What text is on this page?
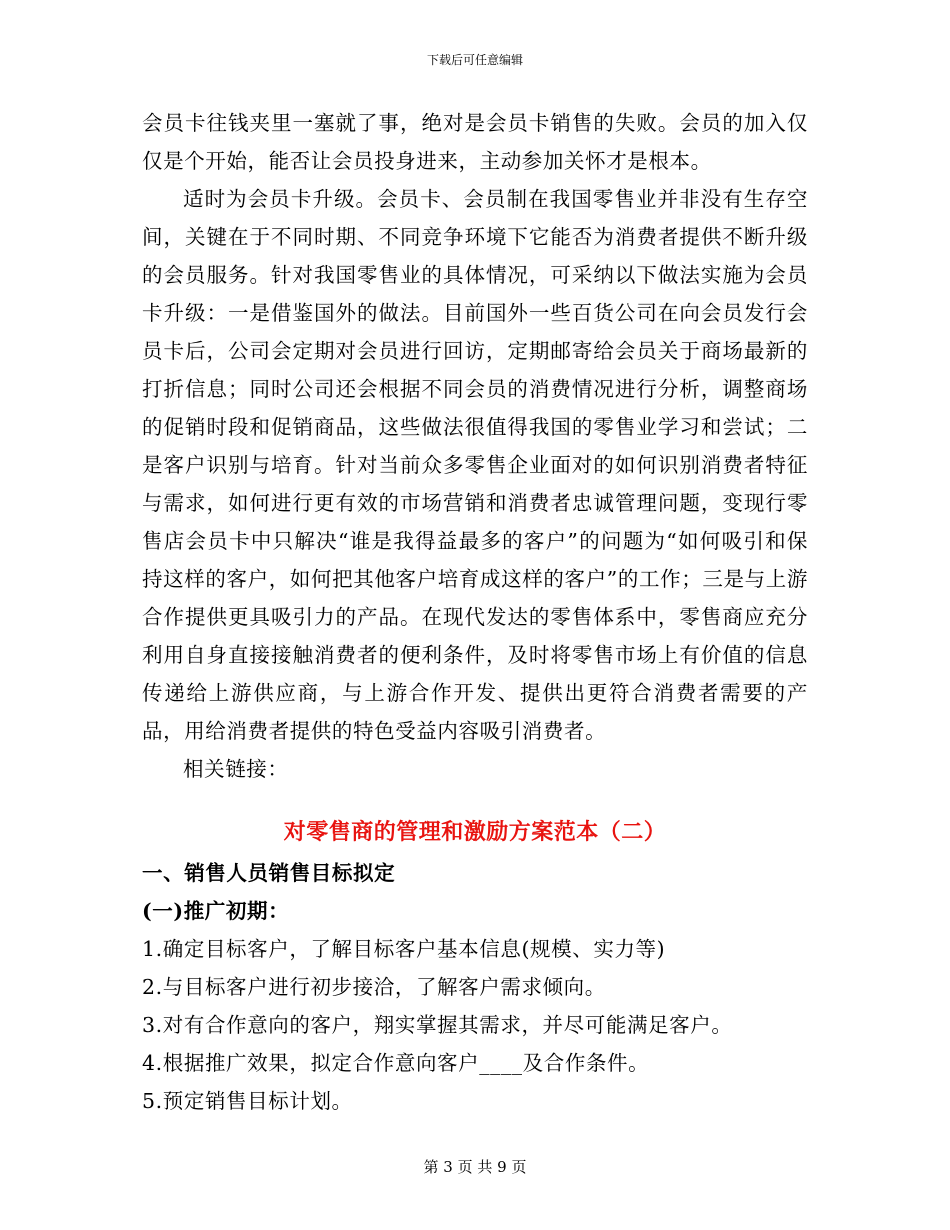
下载后可任意编辑

会员卡往钱夹里一塞就了事，绝对是会员卡销售的失败。会员的加入仅仅是个开始，能否让会员投身进来，主动参加关怀才是根本。

适时为会员卡升级。会员卡、会员制在我国零售业并非没有生存空间，关键在于不同时期、不同竞争环境下它能否为消费者提供不断升级的会员服务。针对我国零售业的具体情况，可采纳以下做法实施为会员卡升级：一是借鉴国外的做法。目前国外一些百货公司在向会员发行会员卡后，公司会定期对会员进行回访，定期邮寄给会员关于商场最新的打折信息；同时公司还会根据不同会员的消费情况进行分析，调整商场的促销时段和促销商品，这些做法很值得我国的零售业学习和尝试；二是客户识别与培育。针对当前众多零售企业面对的如何识别消费者特征与需求，如何进行更有效的市场营销和消费者忠诚管理问题，变现行零售店会员卡中只解决“谁是我得益最多的客户”的问题为“如何吸引和保持这样的客户，如何把其他客户培育成这样的客户”的工作；三是与上游合作提供更具吸引力的产品。在现代发达的零售体系中，零售商应充分利用自身直接接触消费者的便利条件，及时将零售市场上有价值的信息传递给上游供应商，与上游合作开发、提供出更符合消费者需要的产品，用给消费者提供的特色受益内容吸引消费者。

相关链接：

对零售商的管理和激励方案范本（二）

一、销售人员销售目标拟定

(一)推广初期：

1.确定目标客户，了解目标客户基本信息(规模、实力等)

2.与目标客户进行初步接洽，了解客户需求倾向。

3.对有合作意向的客户，翔实掌握其需求，并尽可能满足客户。

4.根据推广效果，拟定合作意向客户____及合作条件。

5.预定销售目标计划。

第 3 页 共 9 页
